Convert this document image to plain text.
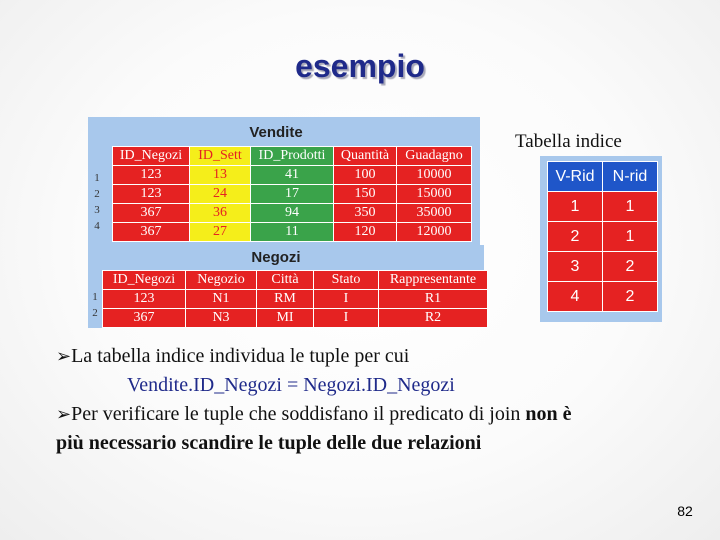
esempio
Vendite
1
2
3
4
ID_Negozi	ID_Sett	ID_Prodotti	Quantità	Guadagno
123	13	41	100	10000
123	24	17	150	15000
367	36	94	350	35000
367	27	11	120	12000
Negozi
1
2
ID_Negozi	Negozio	Città	Stato	Rappresentante
123	N1	RM	I	R1
367	N3	MI	I	R2
Tabella indice
V-Rid	N-rid
1	1
2	1
3	2
4	2
➢La tabella indice individua le tuple per cui
Vendite.ID_Negozi = Negozi.ID_Negozi
➢Per verificare le tuple che soddisfano il predicato di join non è
più necessario scandire le tuple delle due relazioni
82
